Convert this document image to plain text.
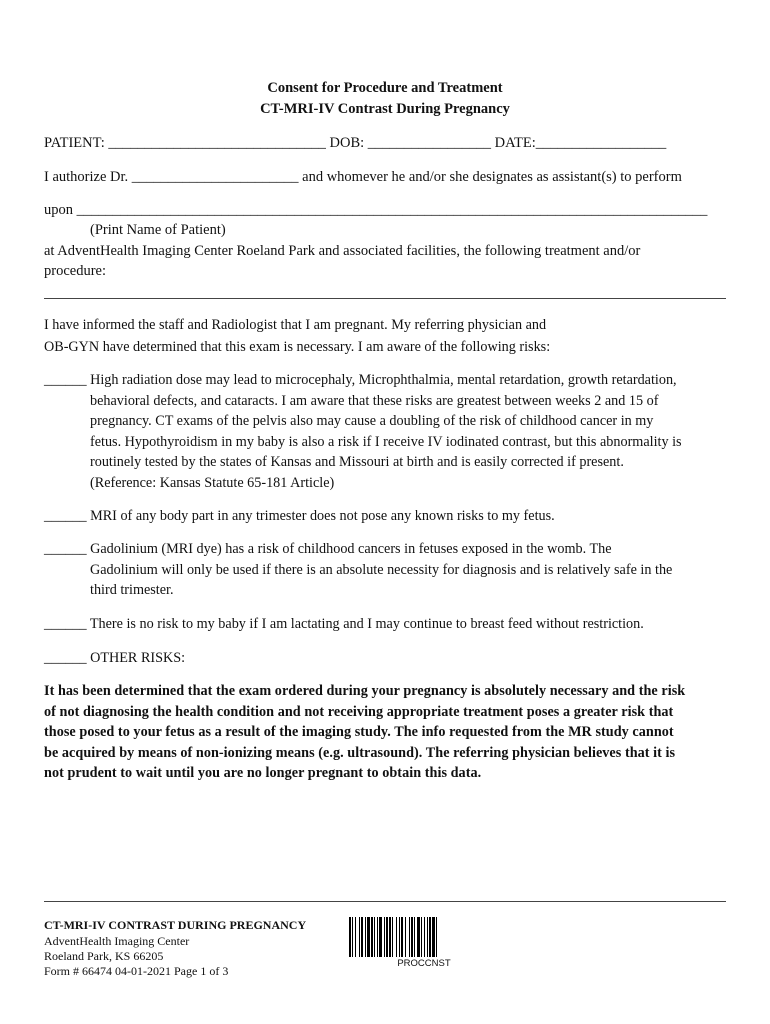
Consent for Procedure and Treatment
CT-MRI-IV Contrast During Pregnancy
PATIENT: ______________________________ DOB: _________________ DATE:__________________
I authorize Dr. _______________________ and whomever he and/or she designates as assistant(s) to perform
upon _______________________________________________________________________________________
(Print Name of Patient)
at AdventHealth Imaging Center Roeland Park and associated facilities, the following treatment and/or
procedure:
I have informed the staff and Radiologist that I am pregnant. My referring physician and
OB-GYN have determined that this exam is necessary. I am aware of the following risks:
______ High radiation dose may lead to microcephaly, Microphthalmia, mental retardation, growth retardation,
behavioral defects, and cataracts. I am aware that these risks are greatest between weeks 2 and 15 of
pregnancy. CT exams of the pelvis also may cause a doubling of the risk of childhood cancer in my
fetus. Hypothyroidism in my baby is also a risk if I receive IV iodinated contrast, but this abnormality is
routinely tested by the states of Kansas and Missouri at birth and is easily corrected if present.
(Reference: Kansas Statute 65-181 Article)
______ MRI of any body part in any trimester does not pose any known risks to my fetus.
______ Gadolinium (MRI dye) has a risk of childhood cancers in fetuses exposed in the womb. The
Gadolinium will only be used if there is an absolute necessity for diagnosis and is relatively safe in the
third trimester.
______ There is no risk to my baby if I am lactating and I may continue to breast feed without restriction.
______ OTHER RISKS:
It has been determined that the exam ordered during your pregnancy is absolutely necessary and the risk
of not diagnosing the health condition and not receiving appropriate treatment poses a greater risk that
those posed to your fetus as a result of the imaging study. The info requested from the MR study cannot
be acquired by means of non-ionizing means (e.g. ultrasound). The referring physician believes that it is
not prudent to wait until you are no longer pregnant to obtain this data.
CT-MRI-IV CONTRAST DURING PREGNANCY
AdventHealth Imaging Center
Roeland Park, KS 66205
Form # 66474 04-01-2021 Page 1 of 3
PROCCNST
